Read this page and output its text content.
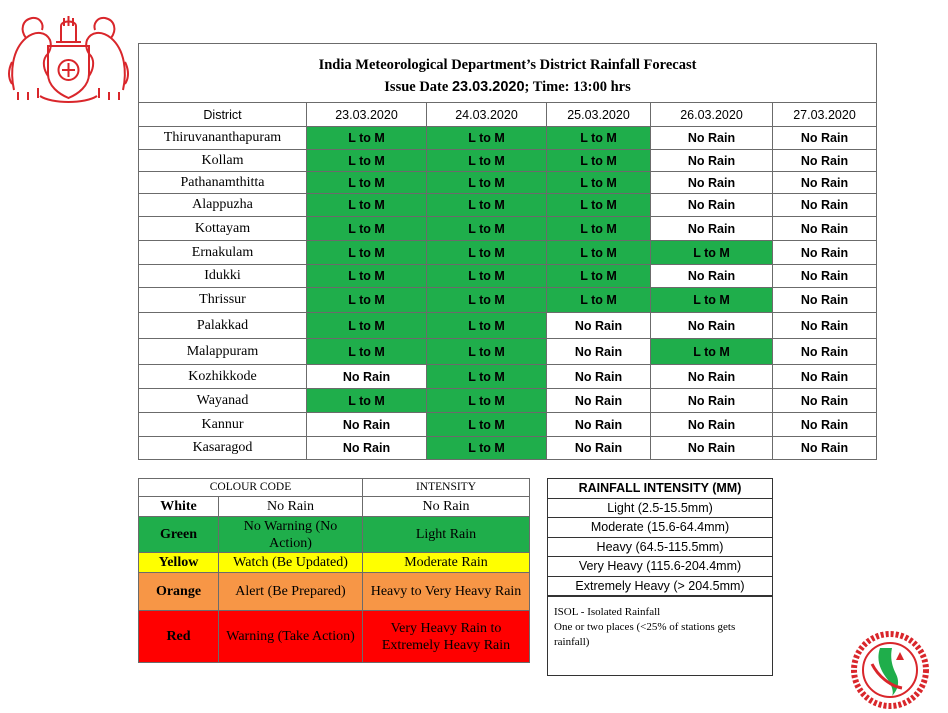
India Meteorological Department’s District Rainfall Forecast
Issue Date 23.03.2020; Time: 13:00 hrs					

District	23.03.2020	24.03.2020	25.03.2020	26.03.2020	27.03.2020
Thiruvananthapuram	L to M	L to M	L to M	No Rain	No Rain
Kollam	L to M	L to M	L to M	No Rain	No Rain
Pathanamthitta	L to M	L to M	L to M	No Rain	No Rain
Alappuzha	L to M	L to M	L to M	No Rain	No Rain
Kottayam	L to M	L to M	L to M	No Rain	No Rain
Ernakulam	L to M	L to M	L to M	L to M	No Rain
Idukki	L to M	L to M	L to M	No Rain	No Rain
Thrissur	L to M	L to M	L to M	L to M	No Rain
Palakkad	L to M	L to M	No Rain	No Rain	No Rain
Malappuram	L to M	L to M	No Rain	L to M	No Rain
Kozhikkode	No Rain	L to M	No Rain	No Rain	No Rain
Wayanad	L to M	L to M	No Rain	No Rain	No Rain
Kannur	No Rain	L to M	No Rain	No Rain	No Rain
Kasaragod	No Rain	L to M	No Rain	No Rain	No Rain
COLOUR CODE		INTENSITY
White	No Rain	No Rain
Green	No Warning (No Action)	Light Rain
Yellow	Watch (Be Updated)	Moderate Rain
Orange	Alert (Be Prepared)	Heavy to Very Heavy Rain
Red	Warning (Take Action)	Very Heavy Rain to Extremely Heavy Rain
RAINFALL INTENSITY (MM)
Light (2.5-15.5mm)
Moderate (15.6-64.4mm)
Heavy (64.5-115.5mm)
Very Heavy (115.6-204.4mm)
Extremely Heavy (> 204.5mm)
ISOL - Isolated Rainfall
One or two places (<25% of stations gets rainfall)
